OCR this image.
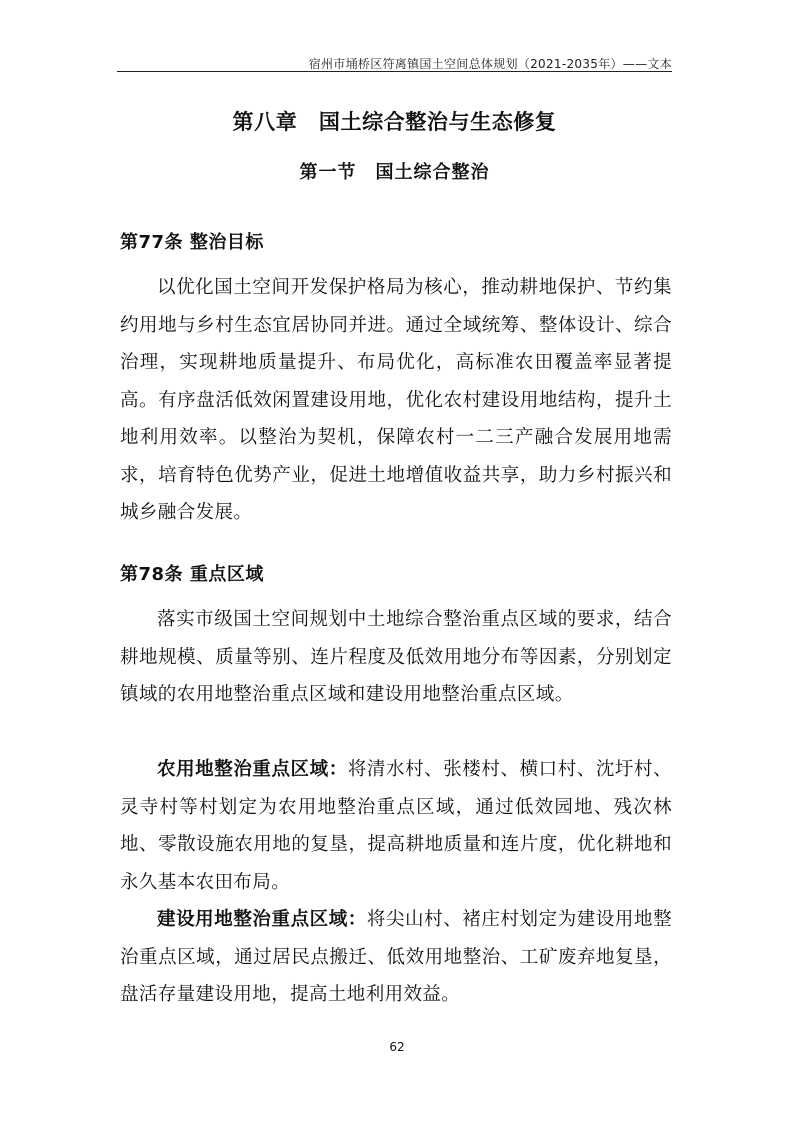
宿州市埇桥区符离镇国土空间总体规划（2021-2035年）——文本
第八章　国土综合整治与生态修复
第一节　国土综合整治
第77条 整治目标

以优化国土空间开发保护格局为核心，推动耕地保护、节约集约用地与乡村生态宜居协同并进。通过全域统筹、整体设计、综合治理，实现耕地质量提升、布局优化，高标准农田覆盖率显著提高。有序盘活低效闲置建设用地，优化农村建设用地结构，提升土地利用效率。以整治为契机，保障农村一二三产融合发展用地需求，培育特色优势产业，促进土地增值收益共享，助力乡村振兴和城乡融合发展。

第78条 重点区域

落实市级国土空间规划中土地综合整治重点区域的要求，结合耕地规模、质量等别、连片程度及低效用地分布等因素，分别划定镇域的农用地整治重点区域和建设用地整治重点区域。

农用地整治重点区域：将清水村、张楼村、横口村、沈圩村、灵寺村等村划定为农用地整治重点区域，通过低效园地、残次林地、零散设施农用地的复垦，提高耕地质量和连片度，优化耕地和永久基本农田布局。

建设用地整治重点区域：将尖山村、褚庄村划定为建设用地整治重点区域，通过居民点搬迁、低效用地整治、工矿废弃地复垦，盘活存量建设用地，提高土地利用效益。

62
